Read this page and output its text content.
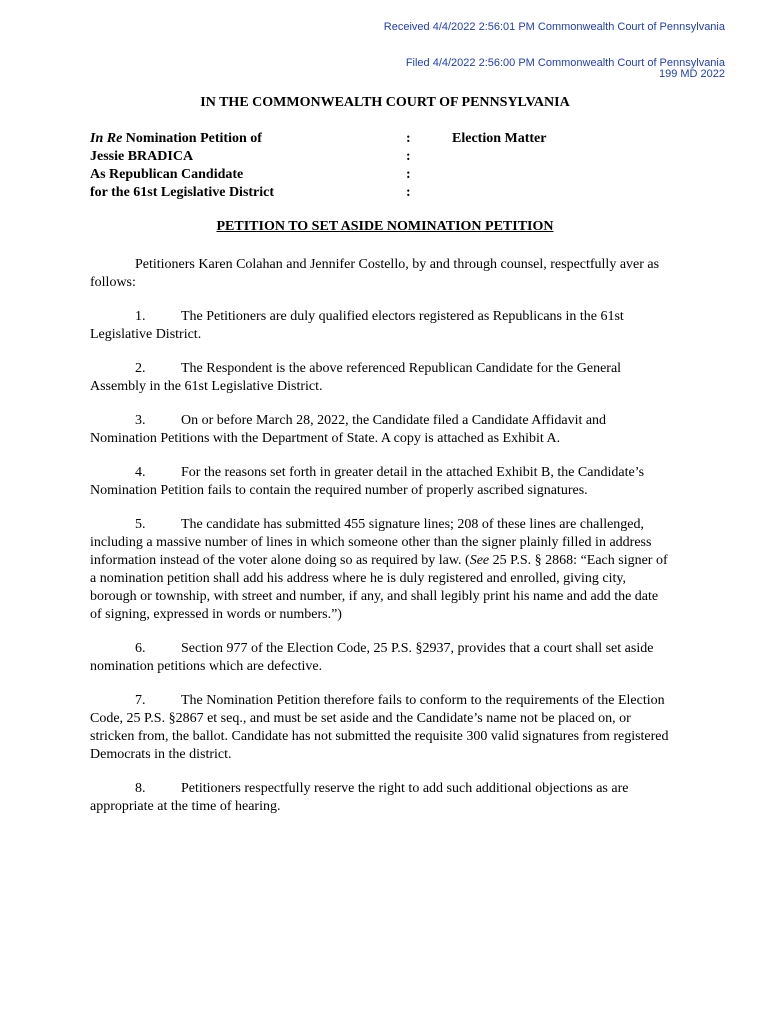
Received 4/4/2022 2:56:01 PM Commonwealth Court of Pennsylvania
Filed 4/4/2022 2:56:00 PM Commonwealth Court of Pennsylvania
199 MD 2022
IN THE COMMONWEALTH COURT OF PENNSYLVANIA
In Re Nomination Petition of	:	Election Matter
Jessie BRADICA	:
As Republican Candidate	:
for the 61st Legislative District	:
PETITION TO SET ASIDE NOMINATION PETITION

Petitioners Karen Colahan and Jennifer Costello, by and through counsel, respectfully aver as follows:

1.	The Petitioners are duly qualified electors registered as Republicans in the 61st Legislative District.

2.	The Respondent is the above referenced Republican Candidate for the General Assembly in the 61st Legislative District.

3.	On or before March 28, 2022, the Candidate filed a Candidate Affidavit and Nomination Petitions with the Department of State. A copy is attached as Exhibit A.

4.	For the reasons set forth in greater detail in the attached Exhibit B, the Candidate’s Nomination Petition fails to contain the required number of properly ascribed signatures.

5.	The candidate has submitted 455 signature lines; 208 of these lines are challenged, including a massive number of lines in which someone other than the signer plainly filled in address information instead of the voter alone doing so as required by law. (See 25 P.S. § 2868: “Each signer of a nomination petition shall add his address where he is duly registered and enrolled, giving city, borough or township, with street and number, if any, and shall legibly print his name and add the date of signing, expressed in words or numbers.”)

6.	Section 977 of the Election Code, 25 P.S. §2937, provides that a court shall set aside nomination petitions which are defective.

7.	The Nomination Petition therefore fails to conform to the requirements of the Election Code, 25 P.S. §2867 et seq., and must be set aside and the Candidate’s name not be placed on, or stricken from, the ballot. Candidate has not submitted the requisite 300 valid signatures from registered Democrats in the district.

8.	Petitioners respectfully reserve the right to add such additional objections as are appropriate at the time of hearing.
